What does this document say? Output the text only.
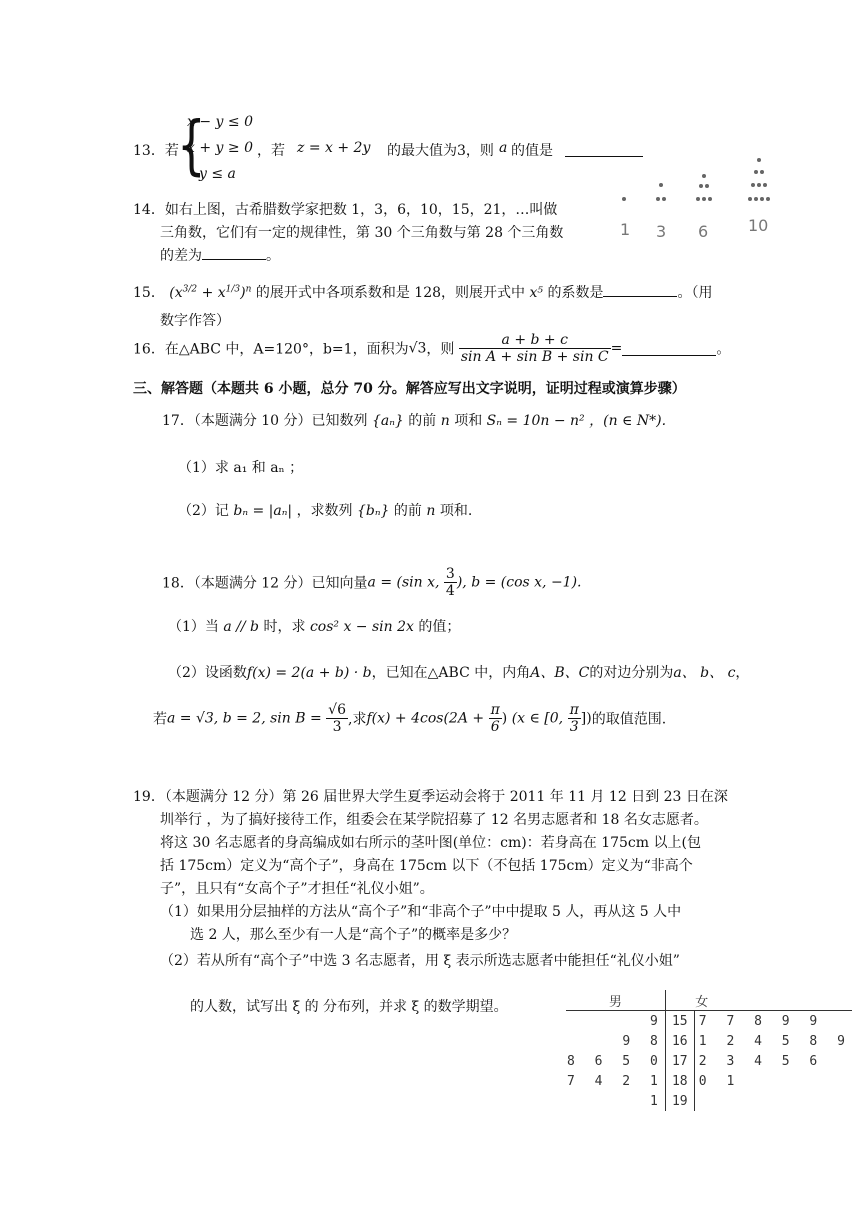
13．若
{
x − y ≤ 0
x + y ≥ 0
y ≤ a
，若 z = x + 2y 的最大值为3，则 a 的值是
14．如右上图，古希腊数学家把数 1，3，6，10，15，21，…叫做
三角数，它们有一定的规律性，第 30 个三角数与第 28 个三角数
的差为	。
1 3 6 10
15． $(x^{3/2} + x^{1/3})^n$ 的展开式中各项系数和是 128，则展开式中 x⁵ 的系数是	。（用
数字作答）
16．在△ABC 中，A=120°，b=1，面积为√3，则 $\frac{a + b + c}{\text{sin A + sin B + sin C}}$ =	。
三、解答题（本题共 6 小题，总分 70 分。解答应写出文字说明，证明过程或演算步骤）
17．（本题满分 10 分）已知数列 {aₙ} 的前 n 项和 Sₙ = 10n − n² ，(n ∈ N*).
（1）求 a₁ 和 aₙ ；
（2）记 bₙ = |aₙ| ，求数列 {bₙ} 的前 n 项和.
18．（本题满分 12 分）已知向量a = (sin x, $\frac{3}{4}$ ), b = (cos x, −1).
（1）当 a // b 时，求 cos² x − sin 2x 的值；
（2）设函数f(x) = 2(a + b) · b，已知在△ABC 中，内角A、B、C的对边分别为a、 b、 c，
若a = √3, b = 2, $\sin B = \frac{√6}{3}$ ,求$f(x) + 4\cos(2A + \frac{\pi}{6}$ ) (x ∈ [0, $\frac{\pi}{3}$ ])的取值范围.
19．（本题满分 12 分）第 26 届世界大学生夏季运动会将于 2011 年 11 月 12 日到 23 日在深
圳举行 ，为了搞好接待工作，组委会在某学院招募了 12 名男志愿者和 18 名女志愿者。
将这 30 名志愿者的身高编成如右所示的茎叶图(单位：cm)：若身高在 175cm 以上(包
括 175cm）定义为“高个子”，身高在 175cm 以下（不包括 175cm）定义为“非高个
子”，且只有“女高个子”才担任“礼仪小姐”。
（1）如果用分层抽样的方法从“高个子”和“非高个子”中中提取 5 人，再从这 5 人中
选 2 人，那么至少有一人是“高个子”的概率是多少？
（2）若从所有“高个子”中选 3 名志愿者，用 ξ 表示所选志愿者中能担任“礼仪小姐”
的人数，试写出 ξ 的 分布列，并求 ξ 的数学期望。	男		女
9	15	7 7 8 9 9
9 8	16	1 2 4 5 8 9
8 6 5 0	17	2 3 4 5 6
7 4 2 1	18	0 1
1	19	
